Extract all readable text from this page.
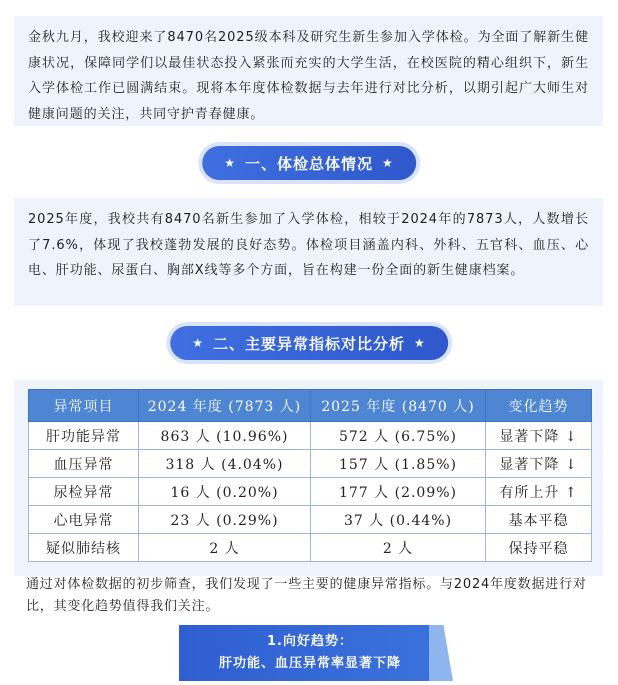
金秋九月，我校迎来了8470名2025级本科及研究生新生参加入学体检。为全面了解新生健康状况，保障同学们以最佳状态投入紧张而充实的大学生活，在校医院的精心组织下，新生入学体检工作已圆满结束。现将本年度体检数据与去年进行对比分析，以期引起广大师生对健康问题的关注，共同守护青春健康。
★ 一、体检总体情况 ★
2025年度，我校共有8470名新生参加了入学体检，相较于2024年的7873人，人数增长了7.6%，体现了我校蓬勃发展的良好态势。体检项目涵盖内科、外科、五官科、血压、心电、肝功能、尿蛋白、胸部X线等多个方面，旨在构建一份全面的新生健康档案。
★ 二、主要异常指标对比分析 ★
异常项目	2024 年度 (7873 人)	2025 年度 (8470 人)	变化趋势
肝功能异常	863 人 (10.96%)	572 人 (6.75%)	显著下降 ↓
血压异常	318 人 (4.04%)	157 人 (1.85%)	显著下降 ↓
尿检异常	16 人 (0.20%)	177 人 (2.09%)	有所上升 ↑
心电异常	23 人 (0.29%)	37 人 (0.44%)	基本平稳
疑似肺结核	2 人	2 人	保持平稳
通过对体检数据的初步筛查，我们发现了一些主要的健康异常指标。与2024年度数据进行对比，其变化趋势值得我们关注。
1.向好趋势：
肝功能、血压异常率显著下降
